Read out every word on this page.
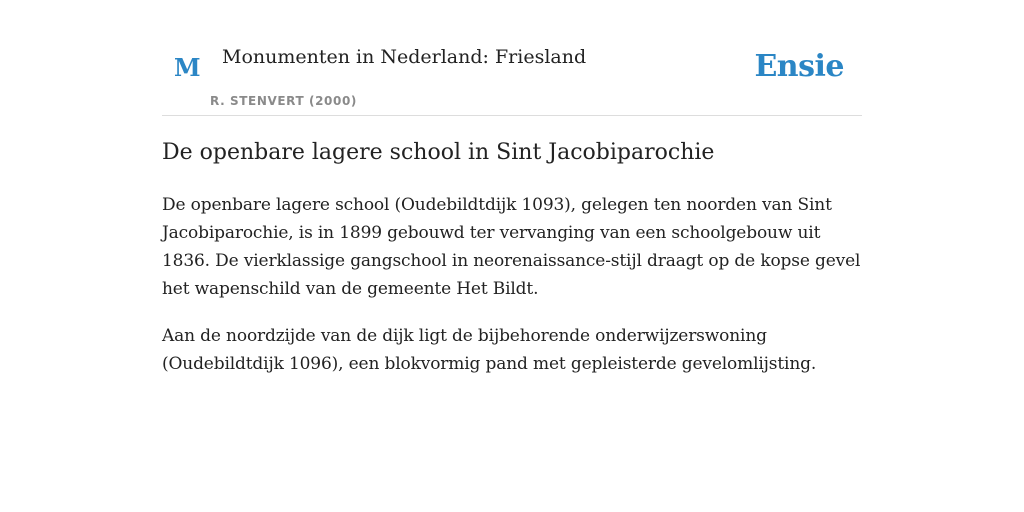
M Monumenten in Nederland: Friesland
R. STENVERT (2000)
Ensie
De openbare lagere school in Sint Jacobiparochie

De openbare lagere school (Oudebildtdijk 1093), gelegen ten noorden van Sint Jacobiparochie, is in 1899 gebouwd ter vervanging van een schoolgebouw uit 1836. De vierklassige gangschool in neorenaissance-stijl draagt op de kopse gevel het wapenschild van de gemeente Het Bildt.

Aan de noordzijde van de dijk ligt de bijbehorende onderwijzerswoning (Oudebildtdijk 1096), een blokvormig pand met gepleisterde gevelomlijsting.
